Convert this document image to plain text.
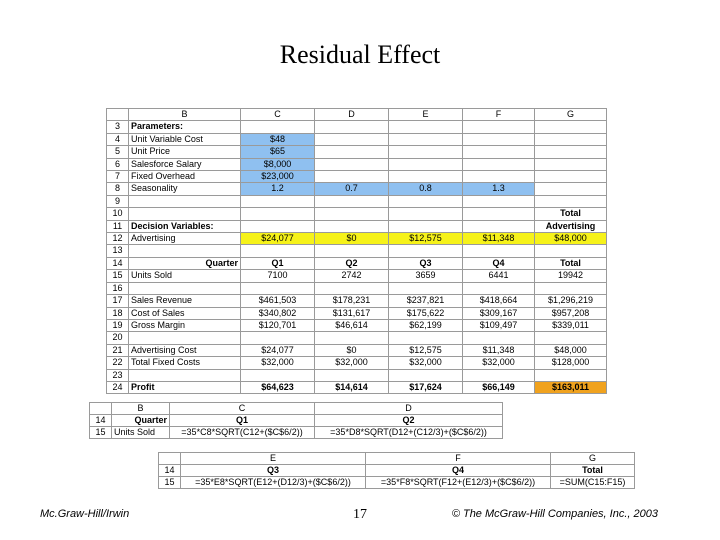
Residual Effect
	B	C	D	E	F	G
3	Parameters:					
4	Unit Variable Cost	$48				
5	Unit Price	$65				
6	Salesforce Salary	$8,000				
7	Fixed Overhead	$23,000				
8	Seasonality	1.2	0.7	0.8	1.3	
9						
10						Total
11	Decision Variables:					Advertising
12	Advertising	$24,077	$0	$12,575	$11,348	$48,000
13						
14	Quarter	Q1	Q2	Q3	Q4	Total
15	Units Sold	7100	2742	3659	6441	19942
16						
17	Sales Revenue	$461,503	$178,231	$237,821	$418,664	$1,296,219
18	Cost of Sales	$340,802	$131,617	$175,622	$309,167	$957,208
19	Gross Margin	$120,701	$46,614	$62,199	$109,497	$339,011
20						
21	Advertising Cost	$24,077	$0	$12,575	$11,348	$48,000
22	Total Fixed Costs	$32,000	$32,000	$32,000	$32,000	$128,000
23						
24	Profit	$64,623	$14,614	$17,624	$66,149	$163,011
	B	C	D
14	Quarter	Q1	Q2
15	Units Sold	=35*C8*SQRT(C12+($C$6/2))	=35*D8*SQRT(D12+(C12/3)+($C$6/2))
	E	F	G
14	Q3	Q4	Total
15	=35*E8*SQRT(E12+(D12/3)+($C$6/2))	=35*F8*SQRT(F12+(E12/3)+($C$6/2))	=SUM(C15:F15)
Mc.Graw-Hill/Irwin	17	© The McGraw-Hill Companies, Inc., 2003
